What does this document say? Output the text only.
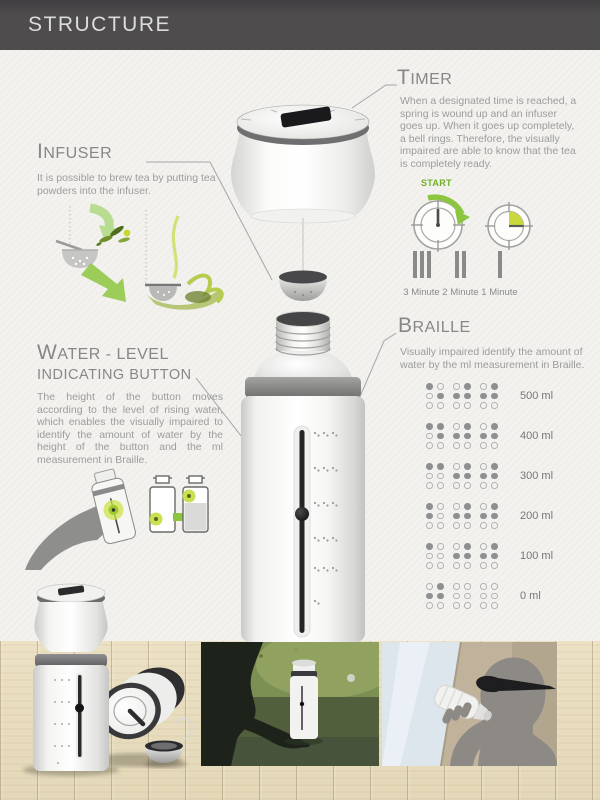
STRUCTURE
TIMER

When a designated time is reached, a spring is wound up and an infuser goes up. When it goes up completely, a bell rings. Therefore, the visually impaired are able to know that the tea is completely ready.

START
3 Minute 2 Minute 1 Minute
INFUSER

It is possible to brew tea by putting tea powders into the infuser.

WATER - LEVEL
INDICATING BUTTON

The height of the button moves according to the level of rising water, which enables the visually impaired to identify the amount of water by the height of the button and the ml measurement in Braille.

BRAILLE

Visually impaired identify the amount of water by the ml measurement in Braille.

500 ml
400 ml
300 ml
200 ml
100 ml
0 ml
